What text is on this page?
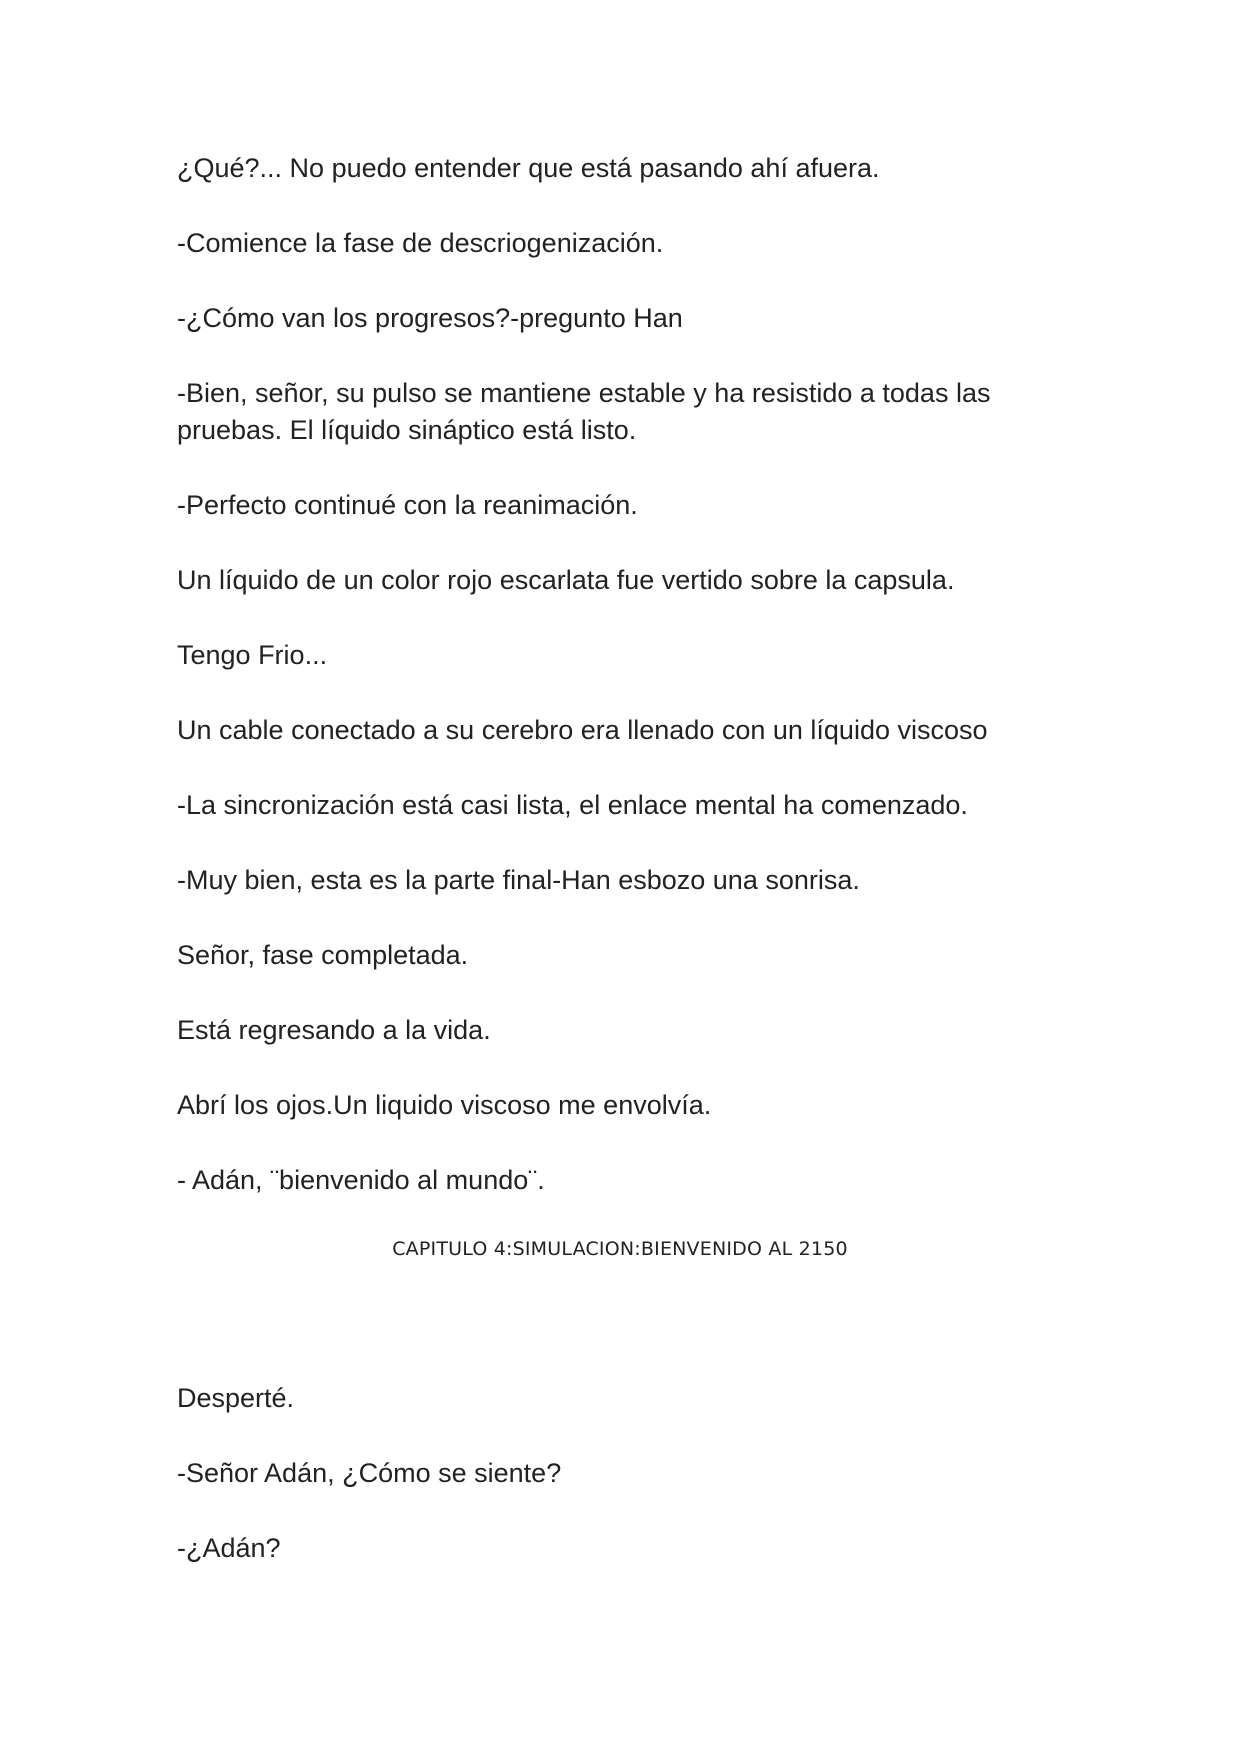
¿Qué?... No puedo entender que está pasando ahí afuera.

-Comience la fase de descriogenización.

-¿Cómo van los progresos?-pregunto Han

-Bien, señor, su pulso se mantiene estable y ha resistido a todas las pruebas. El líquido sináptico está listo.

-Perfecto continué con la reanimación.

Un líquido de un color rojo escarlata fue vertido sobre la capsula.

Tengo Frio...

Un cable conectado a su cerebro era llenado con un líquido viscoso

-La sincronización está casi lista, el enlace mental ha comenzado.

-Muy bien, esta es la parte final-Han esbozo una sonrisa.

Señor, fase completada.

Está regresando a la vida.

Abrí los ojos.Un liquido viscoso me envolvía.

- Adán, ¨bienvenido al mundo¨.

CAPITULO 4:SIMULACION:BIENVENIDO AL 2150

Desperté.

-Señor Adán, ¿Cómo se siente?

-¿Adán?
